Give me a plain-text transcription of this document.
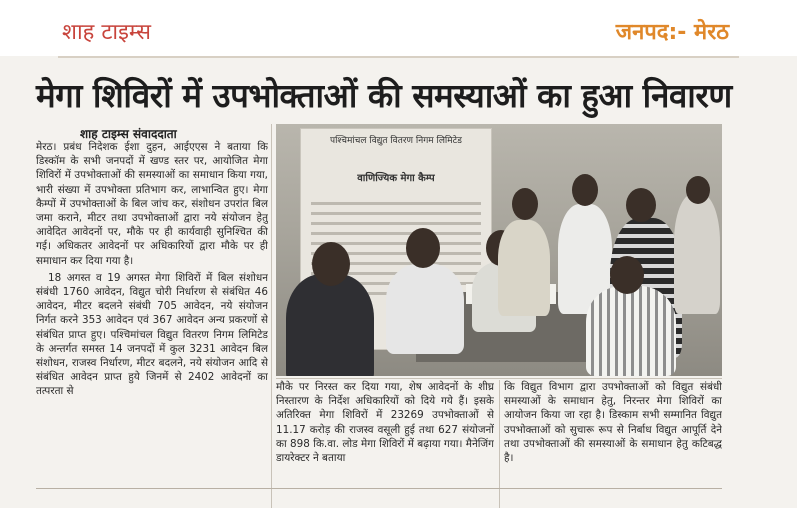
शाह टाइम्स	जनपद:- मेरठ
मेगा शिविरों में उपभोक्ताओं की समस्याओं का हुआ निवारण
शाह टाइम्स संवाददाता

मेरठ। प्रबंध निदेशक ईशा दुहन, आईएएस ने बताया कि डिस्कॉम के सभी जनपदों में खण्ड स्तर पर, आयोजित मेगा शिविरों में उपभोक्ताओं की समस्याओं का समाधान किया गया, भारी संख्या में उपभोक्ता प्रतिभाग कर, लाभान्वित हुए। मेगा कैम्पों में उपभोक्ताओं के बिल जांच कर, संशोधन उपरांत बिल जमा कराने, मीटर तथा उपभोक्ताओं द्वारा नये संयोजन हेतु आवेदित आवेदनों पर, मौके पर ही कार्यवाही सुनिश्चित की गई। अधिकतर आवेदनों पर अधिकारियों द्वारा मौके पर ही समाधान कर दिया गया है।

18 अगस्त व 19 अगस्त मेगा शिविरों में बिल संशोधन संबंधी 1760 आवेदन, विद्युत चोरी निर्धारण से संबंधित 46 आवेदन, मीटर बदलने संबंधी 705 आवेदन, नये संयोजन निर्गत करने 353 आवेदन एवं 367 आवेदन अन्य प्रकरणों से संबंधित प्राप्त हुए। पश्चिमांचल विद्युत वितरण निगम लिमिटेड के अन्तर्गत समस्त 14 जनपदों में कुल 3231 आवेदन बिल संशोधन, राजस्व निर्धारण, मीटर बदलने, नये संयोजन आदि से संबंधित आवेदन प्राप्त हुये जिनमें से 2402 आवेदनों का तत्परता से

पश्चिमांचल विद्युत वितरण निगम लिमिटेड
वाणिज्यिक मेगा कैम्प
मौके पर निरस्त कर दिया गया, शेष आवेदनों के शीघ्र निस्तारण के निर्देश अधिकारियों को दिये गये हैं। इसके अतिरिक्त मेगा शिविरों में 23269 उपभोक्ताओं से 11.17 करोड़ की राजस्व वसूली हुई तथा 627 संयोजनों का 898 कि.वा. लोड मेगा शिविरों में बढ़ाया गया। मैनेजिंग डायरेक्टर ने बताया
कि विद्युत विभाग द्वारा उपभोक्ताओं को विद्युत संबंधी समस्याओं के समाधान हेतु, निरन्तर मेगा शिविरों का आयोजन किया जा रहा है। डिस्काम सभी सम्मानित विद्युत उपभोक्ताओं को सुचारू रूप से निर्बाध विद्युत आपूर्ति देने तथा उपभोक्ताओं की समस्याओं के समाधान हेतु कटिबद्ध है।
